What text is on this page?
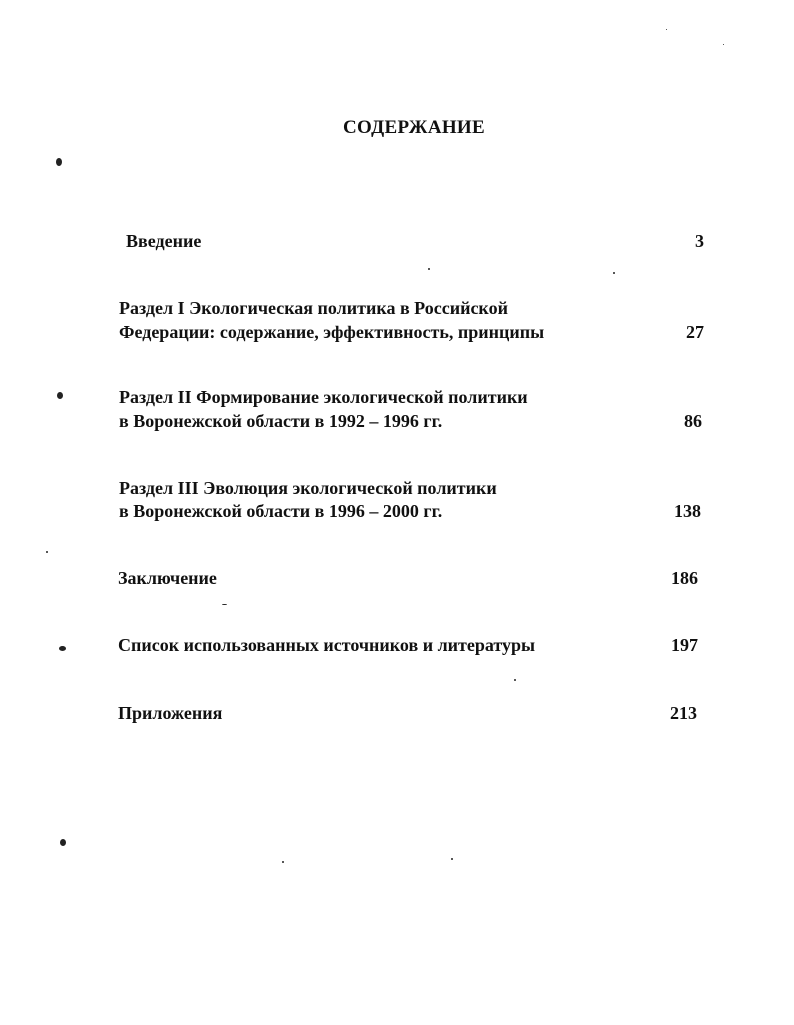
СОДЕРЖАНИЕ
Введение	3
Раздел I Экологическая политика в Российской
Федерации: содержание, эффективность, принципы	27
Раздел II Формирование экологической политики
в Воронежской области в 1992 – 1996 гг.	86
Раздел III Эволюция экологической политики
в Воронежской области в 1996 – 2000 гг.	138
Заключение	186
Список использованных источников и литературы	197
Приложения	213
